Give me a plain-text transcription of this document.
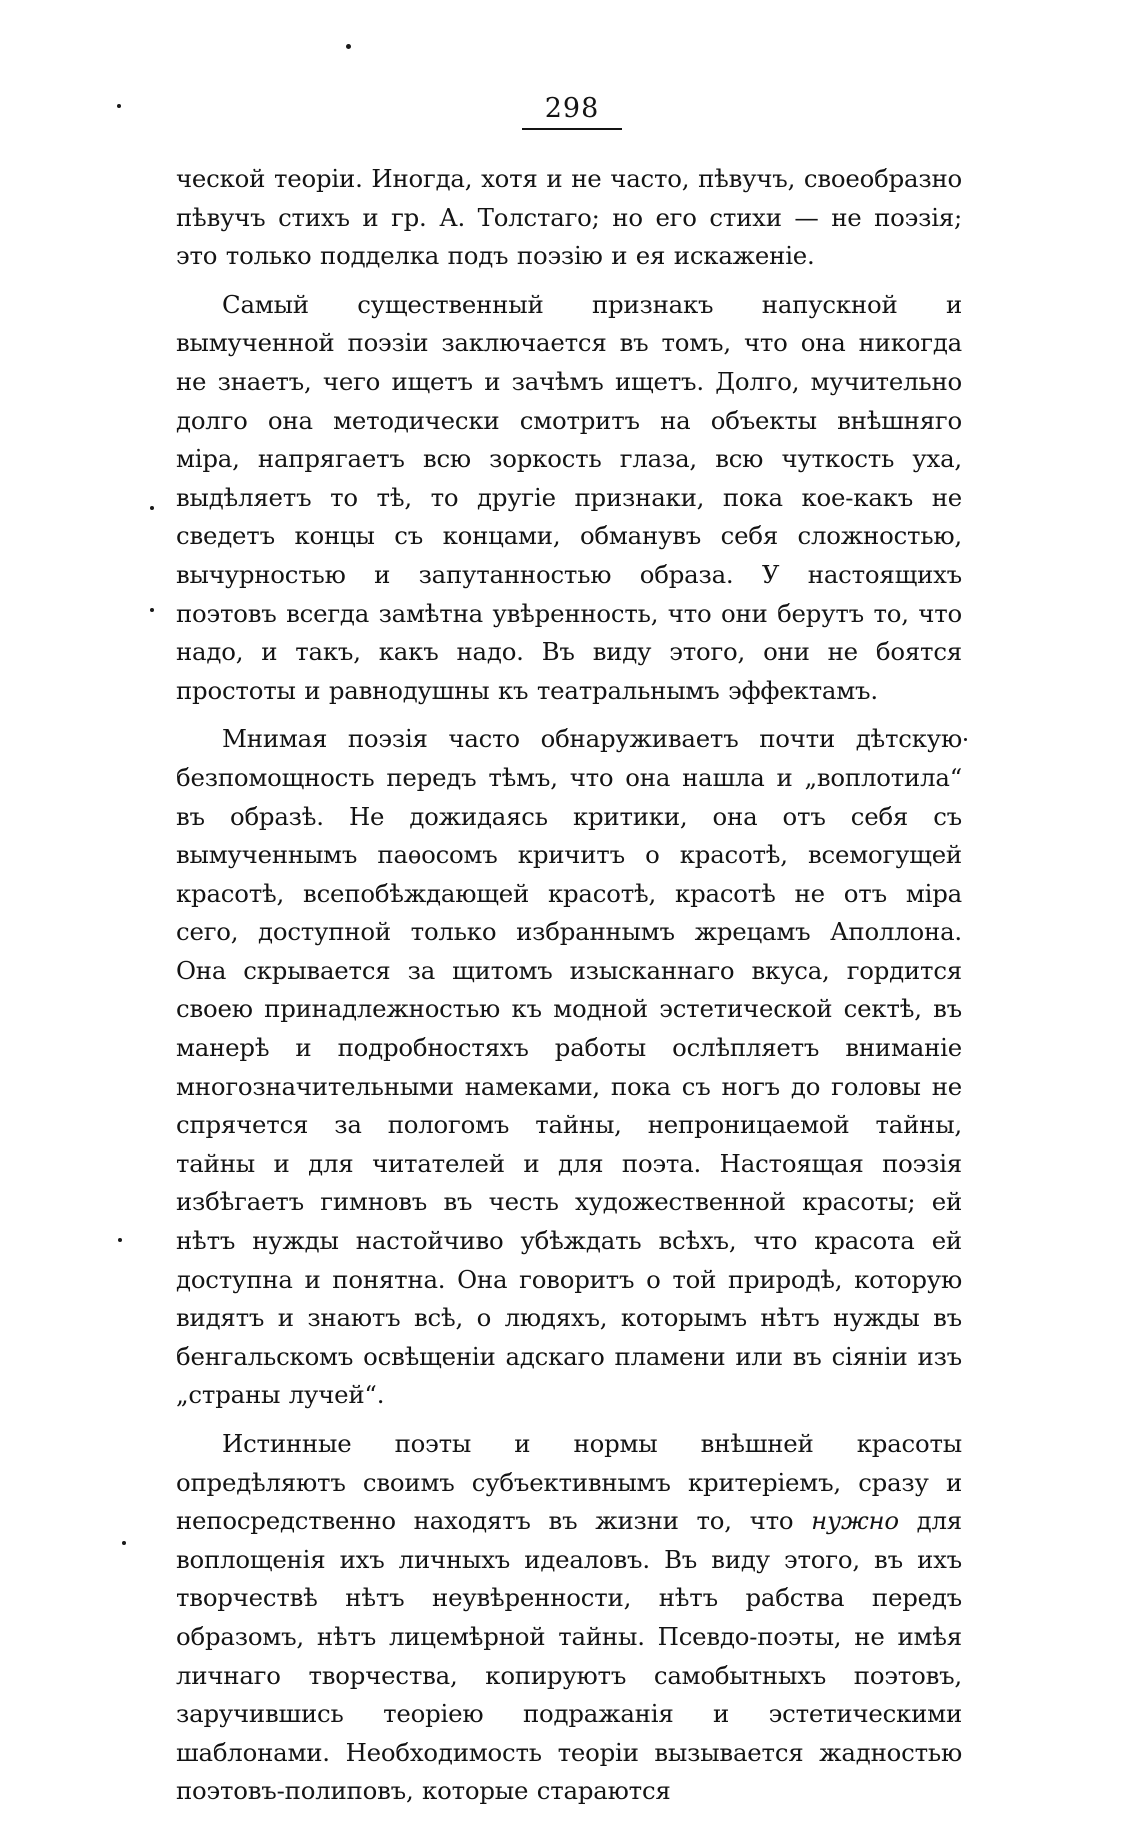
298

ческой теоріи. Иногда, хотя и не часто, пѣвучъ, своеобразно пѣвучъ стихъ и гр. А. Толстаго; но его стихи — не поэзія; это только подделка подъ поэзію и ея искаженіе.

Самый существенный признакъ напускной и вымученной поэзіи заключается въ томъ, что она никогда не знаетъ, чего ищетъ и зачѣмъ ищетъ. Долго, мучительно долго она методически смотритъ на объекты внѣшняго міра, напрягаетъ всю зоркость глаза, всю чуткость уха, выдѣляетъ то тѣ, то другіе признаки, пока кое-какъ не сведетъ концы съ концами, обманувъ себя сложностью, вычурностью и запутанностью образа. У настоящихъ поэтовъ всегда замѣтна увѣренность, что они берутъ то, что надо, и такъ, какъ надо. Въ виду этого, они не боятся простоты и равнодушны къ театральнымъ эффектамъ.

Мнимая поэзія часто обнаруживаетъ почти дѣтскую безпомощность передъ тѣмъ, что она нашла и „воплотила“ въ образѣ. Не дожидаясь критики, она отъ себя съ вымученнымъ паѳосомъ кричитъ о красотѣ, всемогущей красотѣ, всепобѣждающей красотѣ, красотѣ не отъ міра сего, доступной только избраннымъ жрецамъ Аполлона. Она скрывается за щитомъ изысканнаго вкуса, гордится своею принадлежностью къ модной эстетической сектѣ, въ манерѣ и подробностяхъ работы ослѣпляетъ вниманіе многозначительными намеками, пока съ ногъ до головы не спрячется за пологомъ тайны, непроницаемой тайны, тайны и для читателей и для поэта. Настоящая поэзія избѣгаетъ гимновъ въ честь художественной красоты; ей нѣтъ нужды настойчиво убѣждать всѣхъ, что красота ей доступна и понятна. Она говоритъ о той природѣ, которую видятъ и знаютъ всѣ, о людяхъ, которымъ нѣтъ нужды въ бенгальскомъ освѣщеніи адскаго пламени или въ сіяніи изъ „страны лучей“.

Истинные поэты и нормы внѣшней красоты опредѣляютъ своимъ субъективнымъ критеріемъ, сразу и непосредственно находятъ въ жизни то, что нужно для воплощенія ихъ личныхъ идеаловъ. Въ виду этого, въ ихъ творчествѣ нѣтъ неувѣренности, нѣтъ рабства передъ образомъ, нѣтъ лицемѣрной тайны. Псевдо-поэты, не имѣя личнаго творчества, копируютъ самобытныхъ поэтовъ, заручившись теоріею подражанія и эстетическими шаблонами. Необходимость теоріи вызывается жадностью поэтовъ-полиповъ, которые стараются
